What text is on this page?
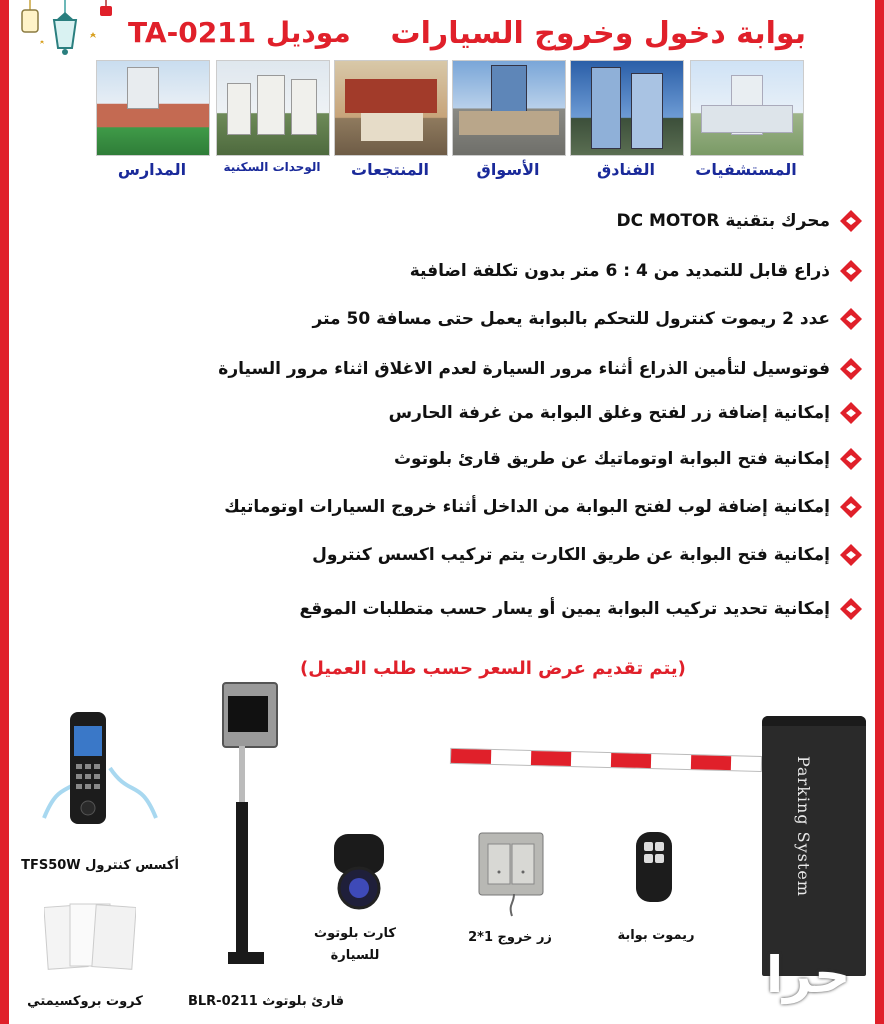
بوابة دخول وخروج السيارات
موديل TA-0211
المستشفيات
الفنادق
الأسواق
المنتجعات
الوحدات السكنية
المدارس
محرك بتقنية DC MOTOR
ذراع قابل للتمديد من 4 : 6 متر بدون تكلفة اضافية
عدد 2 ريموت كنترول للتحكم بالبوابة يعمل حتى مسافة 50 متر
فوتوسيل لتأمين الذراع أثناء مرور السيارة لعدم الاغلاق اثناء مرور السيارة
إمكانية إضافة زر لفتح وغلق البوابة من غرفة الحارس
إمكانية فتح البوابة اوتوماتيك عن طريق قارئ بلوتوث
إمكانية إضافة لوب لفتح البوابة من الداخل أثناء خروج السيارات اوتوماتيك
إمكانية فتح البوابة عن طريق الكارت يتم تركيب اكسس كنترول
إمكانية تحديد تركيب البوابة يمين أو يسار حسب متطلبات الموقع
(يتم تقديم عرض السعر حسب طلب العميل)
Parking System
ريموت بوابة
زر خروج 1*2
كارت بلوتوث
للسيارة
قارئ بلوتوث BLR-0211
أكسس كنترول TFS50W
كروت بروكسيمتي	حرا
